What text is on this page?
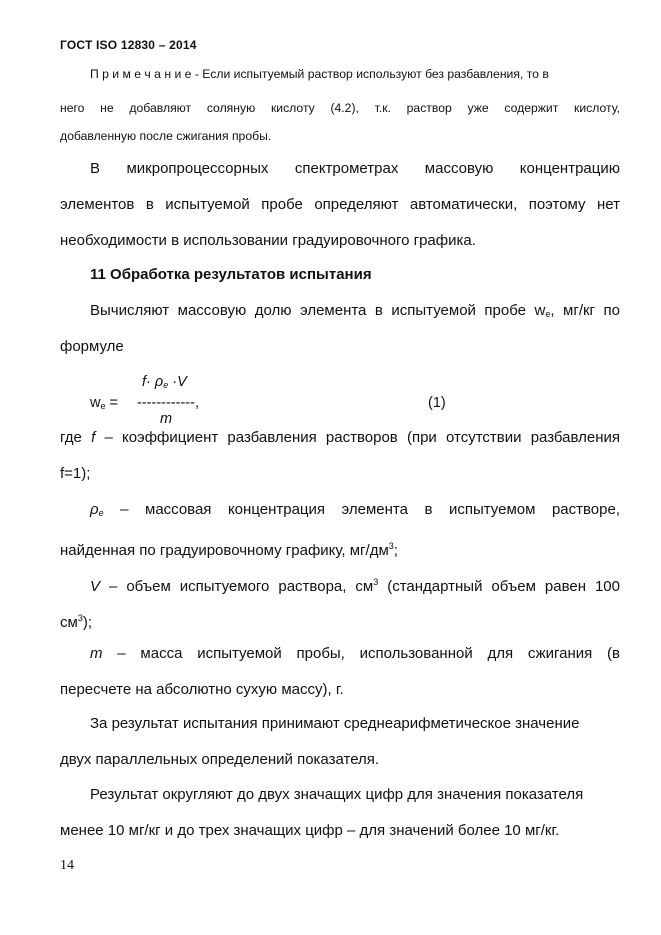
ГОСТ ISO 12830 – 2014
П р и м е ч а н и е - Если испытуемый раствор используют без разбавления, то в
него не добавляют соляную кислоту (4.2), т.к. раствор уже содержит кислоту,
добавленную после сжигания пробы.
В микропроцессорных спектрометрах массовую концентрацию
элементов в испытуемой пробе определяют автоматически, поэтому нет
необходимости в использовании градуировочного графика.
11 Обработка результатов испытания
Вычисляют массовую долю элемента в испытуемой пробе $w_e$, мг/кг по
формуле
$f\cdot \rho_e \cdot V$
$w_e$ = ------------,
m
(1)
где f – коэффициент разбавления растворов (при отсутствии разбавления
f=1);
$\rho_e$ – массовая концентрация элемента в испытуемом растворе,
найденная по градуировочному графику, $мг/дм^3$;
V – объем испытуемого раствора, $см^3$ (стандартный объем равен 100
$см^3$);
m – масса испытуемой пробы, использованной для сжигания (в
пересчете на абсолютно сухую массу), г.
За результат испытания принимают среднеарифметическое значение
двух параллельных определений показателя.
Результат округляют до двух значащих цифр для значения показателя
менее 10 мг/кг и до трех значащих цифр – для значений более 10 мг/кг.
14
